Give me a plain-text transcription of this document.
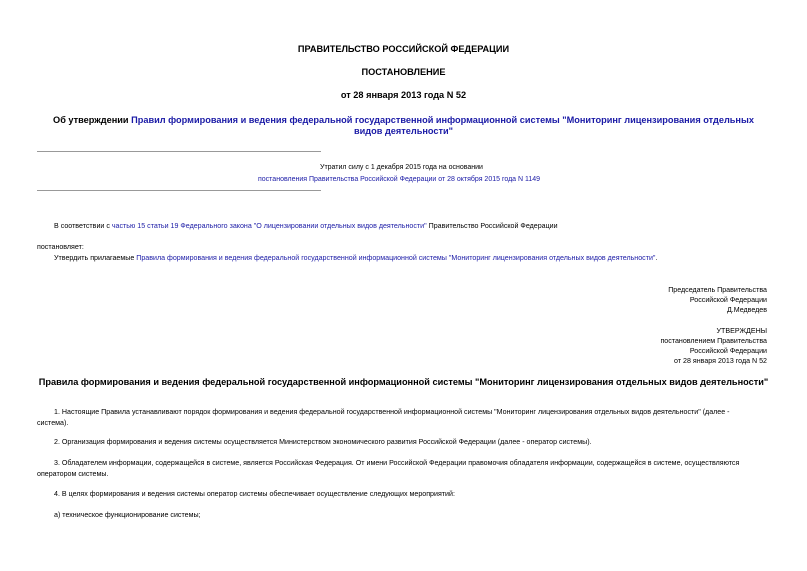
ПРАВИТЕЛЬСТВО РОССИЙСКОЙ ФЕДЕРАЦИИ
ПОСТАНОВЛЕНИЕ
от 28 января 2013 года N 52
Об утверждении Правил формирования и ведения федеральной государственной информационной системы "Мониторинг лицензирования отдельных видов деятельности"
Утратил силу с 1 декабря 2015 года на основании
постановления Правительства Российской Федерации от 28 октября 2015 года N 1149
В соответствии с частью 15 статьи 19 Федерального закона "О лицензировании отдельных видов деятельности" Правительство Российской Федерации
постановляет:
Утвердить прилагаемые Правила формирования и ведения федеральной государственной информационной системы "Мониторинг лицензирования отдельных видов деятельности".
Председатель Правительства
Российской Федерации
Д.Медведев
УТВЕРЖДЕНЫ
постановлением Правительства
Российской Федерации
от 28 января 2013 года N 52
Правила формирования и ведения федеральной государственной информационной системы "Мониторинг лицензирования отдельных видов деятельности"
1. Настоящие Правила устанавливают порядок формирования и ведения федеральной государственной информационной системы "Мониторинг лицензирования отдельных видов деятельности" (далее -
система).
2. Организация формирования и ведения системы осуществляется Министерством экономического развития Российской Федерации (далее - оператор системы).
3. Обладателем информации, содержащейся в системе, является Российская Федерация. От имени Российской Федерации правомочия обладателя информации, содержащейся в системе, осуществляются
оператором системы.
4. В целях формирования и ведения системы оператор системы обеспечивает осуществление следующих мероприятий:
а) техническое функционирование системы;
